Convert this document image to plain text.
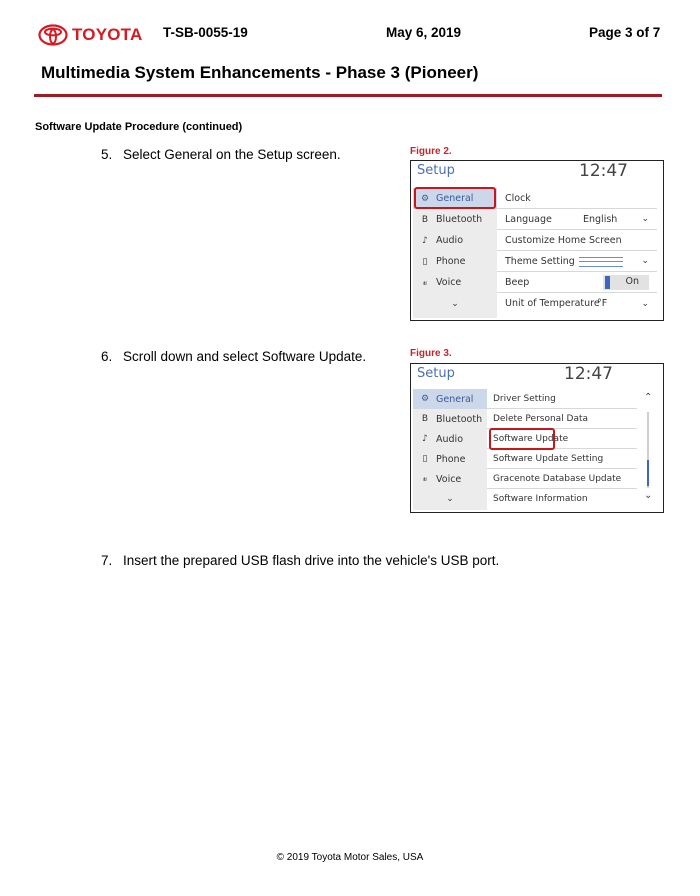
TOYOTA T-SB-0055-19	May 6, 2019	Page 3 of 7
Multimedia System Enhancements - Phase 3 (Pioneer)
Software Update Procedure (continued)
5. Select General on the Setup screen.
6. Scroll down and select Software Update.
7. Insert the prepared USB flash drive into the vehicle's USB port.
Figure 2.
Setup	12:47
⚙ General
B Bluetooth
♪ Audio
▯ Phone
𝓋 Voice
⌄
Clock
Language	English	⌄
Customize Home Screen
Theme Setting	⌄
Beep	On
Unit of Temperature
°F	⌄
Figure 3.
Setup	12:47
⚙ General
B Bluetooth
♪ Audio
▯ Phone
𝓋 Voice
⌄
Driver Setting
Delete Personal Data
Software Update
Software Update Setting
Gracenote Database Update
Software Information
⌃
⌄
© 2019 Toyota Motor Sales, USA
